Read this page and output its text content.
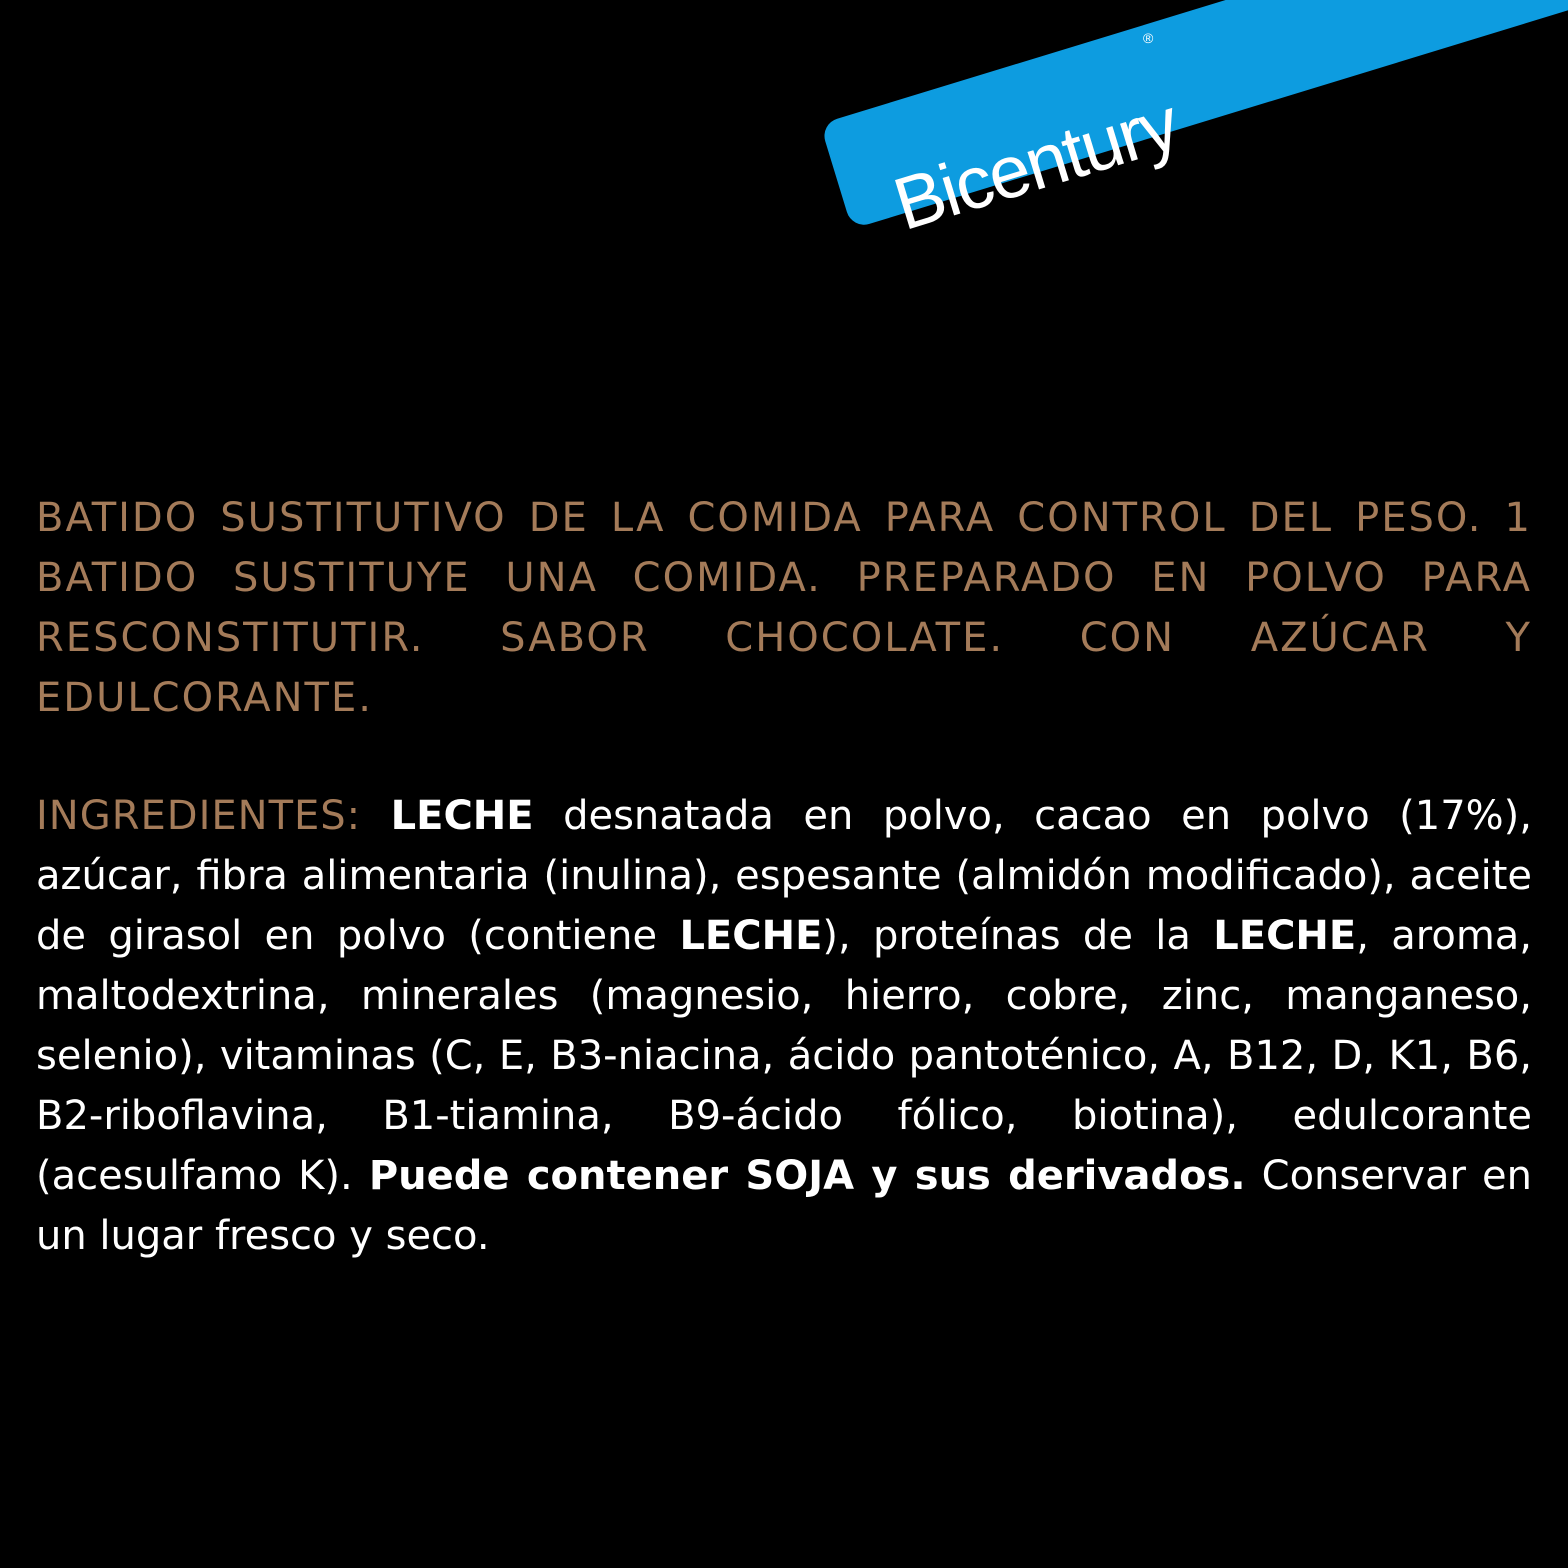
Bicentury
®

BATIDO SUSTITUTIVO DE LA COMIDA PARA CONTROL DEL PESO. 1 BATIDO SUSTITUYE UNA COMIDA. PREPARADO EN POLVO PARA RESCONSTITUTIR. SABOR CHOCOLATE. CON AZÚCAR Y EDULCORANTE.

INGREDIENTES: LECHE desnatada en polvo, cacao en polvo (17%), azúcar, fibra alimentaria (inulina), espesante (almidón modificado), aceite de girasol en polvo (contiene LECHE), proteínas de la LECHE, aroma, maltodextrina, minerales (magnesio, hierro, cobre, zinc, manganeso, selenio), vitaminas (C, E, B3-niacina, ácido pantoténico, A, B12, D, K1, B6, B2-riboflavina, B1-tiamina, B9-ácido fólico, biotina), edulcorante (acesulfamo K). Puede contener SOJA y sus derivados. Conservar en un lugar fresco y seco.
